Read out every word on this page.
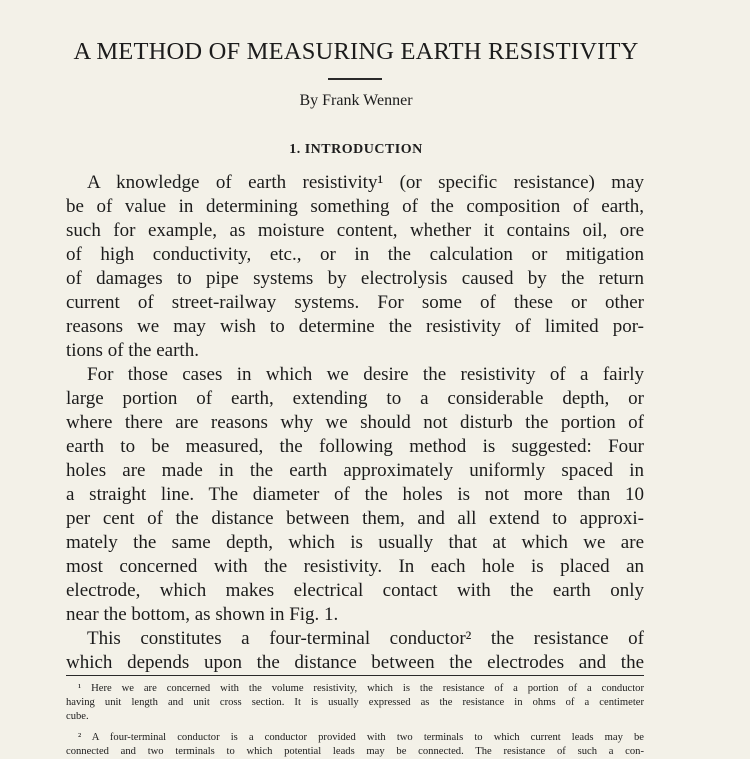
A METHOD OF MEASURING EARTH RESISTIVITY
By Frank Wenner
1. INTRODUCTION
A knowledge of earth resistivity¹ (or specific resistance) may
be of value in determining something of the composition of earth,
such for example, as moisture content, whether it contains oil, ore
of high conductivity, etc., or in the calculation or mitigation
of damages to pipe systems by electrolysis caused by the return
current of street-railway systems. For some of these or other
reasons we may wish to determine the resistivity of limited por-
tions of the earth.
For those cases in which we desire the resistivity of a fairly
large portion of earth, extending to a considerable depth, or
where there are reasons why we should not disturb the portion of
earth to be measured, the following method is suggested: Four
holes are made in the earth approximately uniformly spaced in
a straight line. The diameter of the holes is not more than 10
per cent of the distance between them, and all extend to approxi-
mately the same depth, which is usually that at which we are
most concerned with the resistivity. In each hole is placed an
electrode, which makes electrical contact with the earth only
near the bottom, as shown in Fig. 1.
This constitutes a four-terminal conductor² the resistance of
which depends upon the distance between the electrodes and the
¹ Here we are concerned with the volume resistivity, which is the resistance of a portion of a conductor
having unit length and unit cross section. It is usually expressed as the resistance in ohms of a centimeter
cube.
² A four-terminal conductor is a conductor provided with two terminals to which current leads may be
connected and two terminals to which potential leads may be connected. The resistance of such a con-
